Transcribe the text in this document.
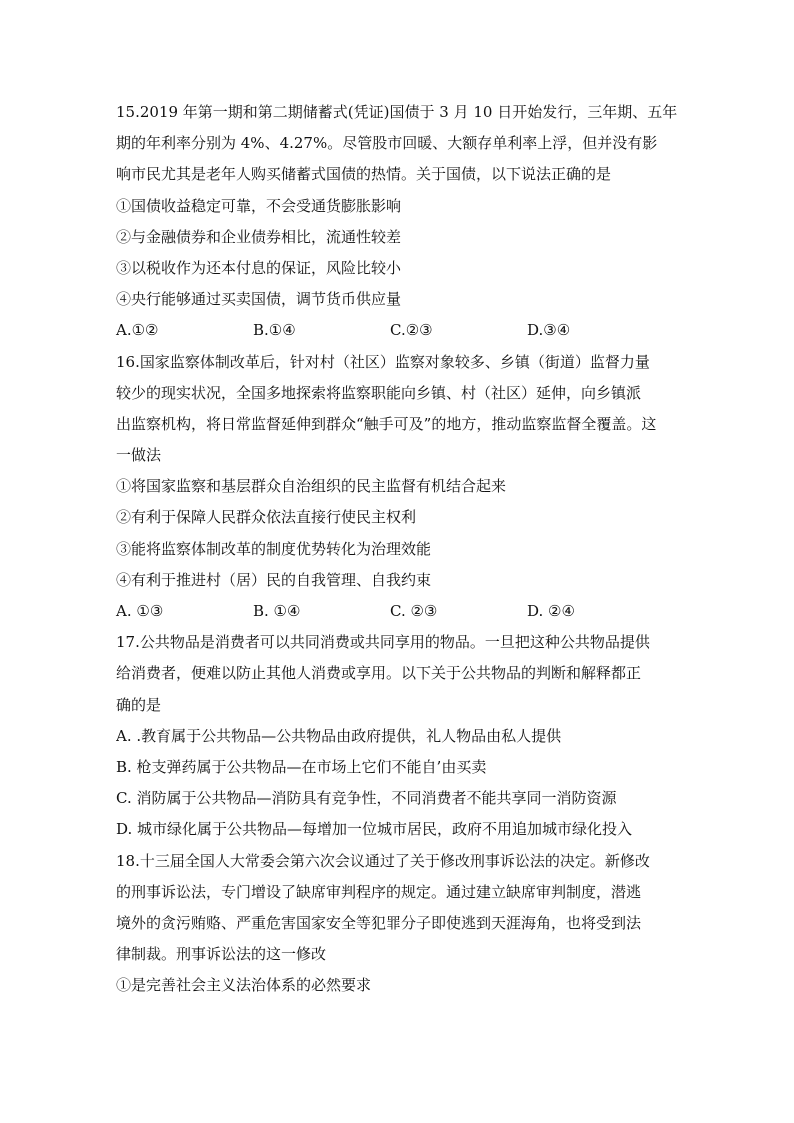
15.2019 年第一期和第二期储蓄式(凭证)国债于 3 月 10 日开始发行，三年期、五年
期的年利率分别为 4%、4.27%。尽管股市回暖、大额存单利率上浮，但并没有影
响市民尤其是老年人购买储蓄式国债的热情。关于国债，以下说法正确的是
①国债收益稳定可靠，不会受通货膨胀影响
②与金融债券和企业债券相比，流通性较差
③以税收作为还本付息的保证，风险比较小
④央行能够通过买卖国债，调节货币供应量
A.①②	B.①④	C.②③	D.③④
16.国家监察体制改革后，针对村（社区）监察对象较多、乡镇（街道）监督力量
较少的现实状况，全国多地探索将监察职能向乡镇、村（社区）延伸，向乡镇派
出监察机构，将日常监督延伸到群众“触手可及”的地方，推动监察监督全覆盖。这
一做法
①将国家监察和基层群众自治组织的民主监督有机结合起来
②有利于保障人民群众依法直接行使民主权利
③能将监察体制改革的制度优势转化为治理效能
④有利于推进村（居）民的自我管理、自我约束
A. ①③	B. ①④	C. ②③	D. ②④
17.公共物品是消费者可以共同消费或共同享用的物品。一旦把这种公共物品提供
给消费者，便难以防止其他人消费或享用。以下关于公共物品的判断和解释都正
确的是
A. .教育属于公共物品—公共物品由政府提供，礼人物品由私人提供
B. 枪支弹药属于公共物品—在市场上它们不能自’由买卖
C. 消防属于公共物品—消防具有竞争性，不同消费者不能共享同一消防资源
D. 城市绿化属于公共物品—每增加一位城市居民，政府不用追加城市绿化投入
18.十三届全国人大常委会第六次会议通过了关于修改刑事诉讼法的决定。新修改
的刑事诉讼法，专门增设了缺席审判程序的规定。通过建立缺席审判制度，潜逃
境外的贪污贿赂、严重危害国家安全等犯罪分子即使逃到天涯海角，也将受到法
律制裁。刑事诉讼法的这一修改
①是完善社会主义法治体系的必然要求
